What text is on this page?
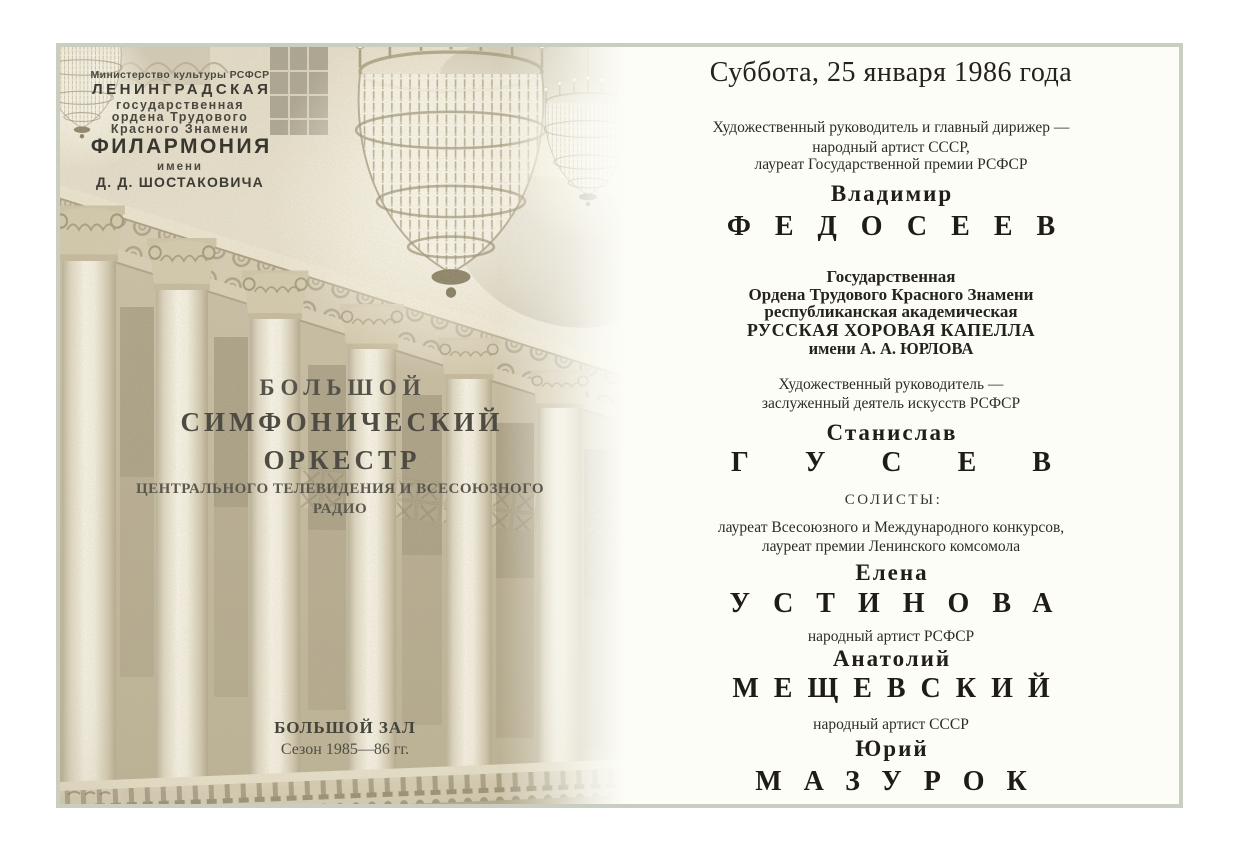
Министерство культуры РСФСР
ЛЕНИНГРАДСКАЯ
государственная
ордена Трудового
Красного Знамени
ФИЛАРМОНИЯ
имени
Д. Д. ШОСТАКОВИЧА
БОЛЬШОЙ
СИМФОНИЧЕСКИЙ ОРКЕСТР
ЦЕНТРАЛЬНОГО ТЕЛЕВИДЕНИЯ И ВСЕСОЮЗНОГО РАДИО
БОЛЬШОЙ ЗАЛ
Сезон 1985—86 гг.
Суббота, 25 января 1986 года
Художественный руководитель и главный дирижер —
народный артист СССР,
лауреат Государственной премии РСФСР
Владимир
ФЕДОСЕЕВ
Государственная
Ордена Трудового Красного Знамени
республиканская академическая
РУССКАЯ ХОРОВАЯ КАПЕЛЛА
имени А. А. ЮРЛОВА
Художественный руководитель —
заслуженный деятель искусств РСФСР
Станислав
ГУСЕВ
СОЛИСТЫ:
лауреат Всесоюзного и Международного конкурсов,
лауреат премии Ленинского комсомола
Елена
УСТИНОВА
народный артист РСФСР
Анатолий
МЕЩЕВСКИЙ
народный артист СССР
Юрий
МАЗУРОК
